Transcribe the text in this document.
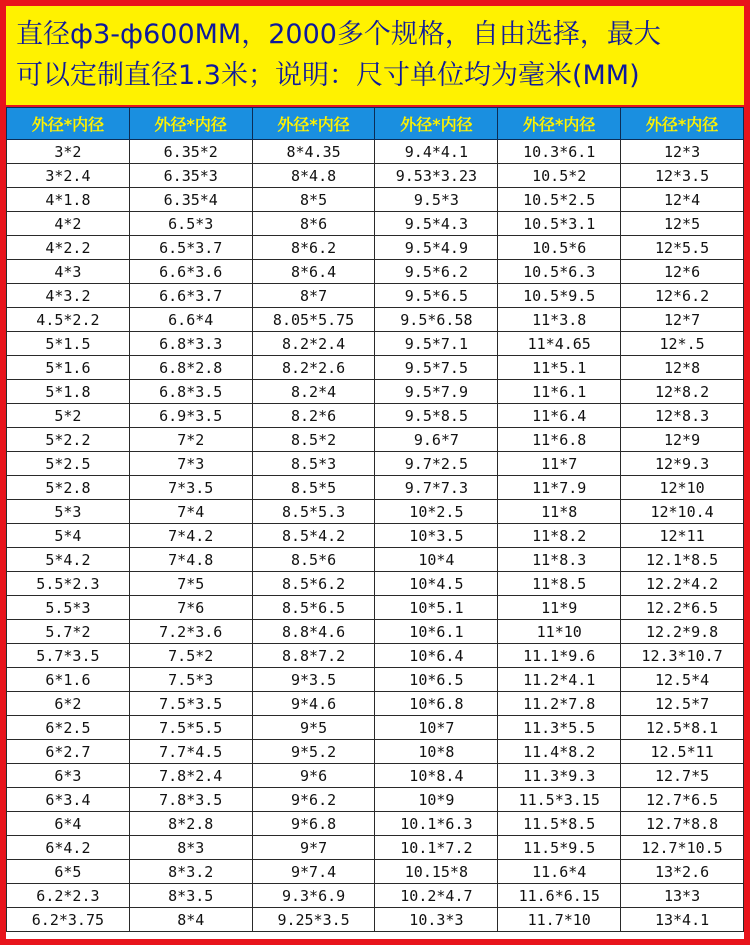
直径ф3-ф600MM，2000多个规格，自由选择，最大
可以定制直径1.3米；说明：尺寸单位均为毫米(MM)
外径*内径	外径*内径	外径*内径	外径*内径	外径*内径	外径*内径
3*2	6.35*2	8*4.35	9.4*4.1	10.3*6.1	12*3
3*2.4	6.35*3	8*4.8	9.53*3.23	10.5*2	12*3.5
4*1.8	6.35*4	8*5	9.5*3	10.5*2.5	12*4
4*2	6.5*3	8*6	9.5*4.3	10.5*3.1	12*5
4*2.2	6.5*3.7	8*6.2	9.5*4.9	10.5*6	12*5.5
4*3	6.6*3.6	8*6.4	9.5*6.2	10.5*6.3	12*6
4*3.2	6.6*3.7	8*7	9.5*6.5	10.5*9.5	12*6.2
4.5*2.2	6.6*4	8.05*5.75	9.5*6.58	11*3.8	12*7
5*1.5	6.8*3.3	8.2*2.4	9.5*7.1	11*4.65	12*.5
5*1.6	6.8*2.8	8.2*2.6	9.5*7.5	11*5.1	12*8
5*1.8	6.8*3.5	8.2*4	9.5*7.9	11*6.1	12*8.2
5*2	6.9*3.5	8.2*6	9.5*8.5	11*6.4	12*8.3
5*2.2	7*2	8.5*2	9.6*7	11*6.8	12*9
5*2.5	7*3	8.5*3	9.7*2.5	11*7	12*9.3
5*2.8	7*3.5	8.5*5	9.7*7.3	11*7.9	12*10
5*3	7*4	8.5*5.3	10*2.5	11*8	12*10.4
5*4	7*4.2	8.5*4.2	10*3.5	11*8.2	12*11
5*4.2	7*4.8	8.5*6	10*4	11*8.3	12.1*8.5
5.5*2.3	7*5	8.5*6.2	10*4.5	11*8.5	12.2*4.2
5.5*3	7*6	8.5*6.5	10*5.1	11*9	12.2*6.5
5.7*2	7.2*3.6	8.8*4.6	10*6.1	11*10	12.2*9.8
5.7*3.5	7.5*2	8.8*7.2	10*6.4	11.1*9.6	12.3*10.7
6*1.6	7.5*3	9*3.5	10*6.5	11.2*4.1	12.5*4
6*2	7.5*3.5	9*4.6	10*6.8	11.2*7.8	12.5*7
6*2.5	7.5*5.5	9*5	10*7	11.3*5.5	12.5*8.1
6*2.7	7.7*4.5	9*5.2	10*8	11.4*8.2	12.5*11
6*3	7.8*2.4	9*6	10*8.4	11.3*9.3	12.7*5
6*3.4	7.8*3.5	9*6.2	10*9	11.5*3.15	12.7*6.5
6*4	8*2.8	9*6.8	10.1*6.3	11.5*8.5	12.7*8.8
6*4.2	8*3	9*7	10.1*7.2	11.5*9.5	12.7*10.5
6*5	8*3.2	9*7.4	10.15*8	11.6*4	13*2.6
6.2*2.3	8*3.5	9.3*6.9	10.2*4.7	11.6*6.15	13*3
6.2*3.75	8*4	9.25*3.5	10.3*3	11.7*10	13*4.1
